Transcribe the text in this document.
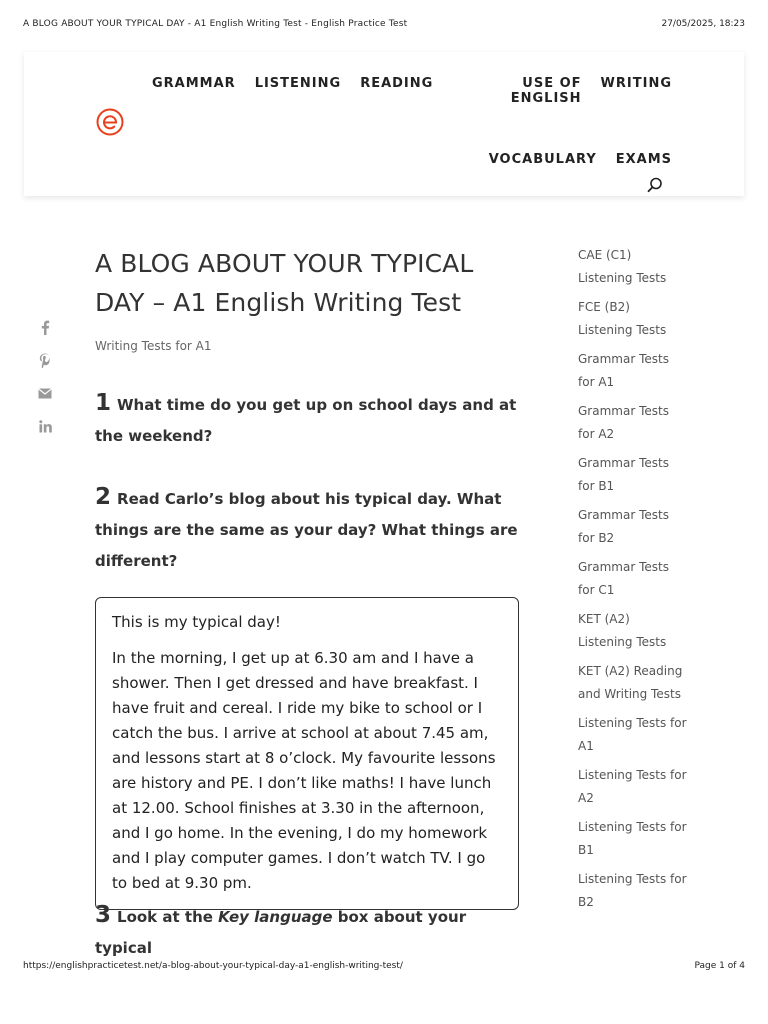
A BLOG ABOUT YOUR TYPICAL DAY - A1 English Writing Test - English Practice Test	27/05/2025, 18:23
GRAMMAR LISTENING READING	USE OF ENGLISH
WRITING
VOCABULARY EXAMS
A BLOG ABOUT YOUR TYPICAL DAY – A1 English Writing Test
Writing Tests for A1

1 What time do you get up on school days and at the weekend?

2 Read Carlo’s blog about his typical day. What things are the same as your day? What things are different?

This is my typical day!

In the morning, I get up at 6.30 am and I have a shower. Then I get dressed and have breakfast. I have fruit and cereal. I ride my bike to school or I catch the bus. I arrive at school at about 7.45 am, and lessons start at 8 o’clock. My favourite lessons are history and PE. I don’t like maths! I have lunch at 12.00. School finishes at 3.30 in the afternoon, and I go home. In the evening, I do my homework and I play computer games. I don’t watch TV. I go to bed at 9.30 pm.

3 Look at the Key language box about your typical

CAE (C1) Listening Tests
FCE (B2) Listening Tests
Grammar Tests for A1
Grammar Tests for A2
Grammar Tests for B1
Grammar Tests for B2
Grammar Tests for C1
KET (A2) Listening Tests
KET (A2) Reading and Writing Tests
Listening Tests for A1
Listening Tests for A2
Listening Tests for B1
Listening Tests for B2
https://englishpracticetest.net/a-blog-about-your-typical-day-a1-english-writing-test/	Page 1 of 4
